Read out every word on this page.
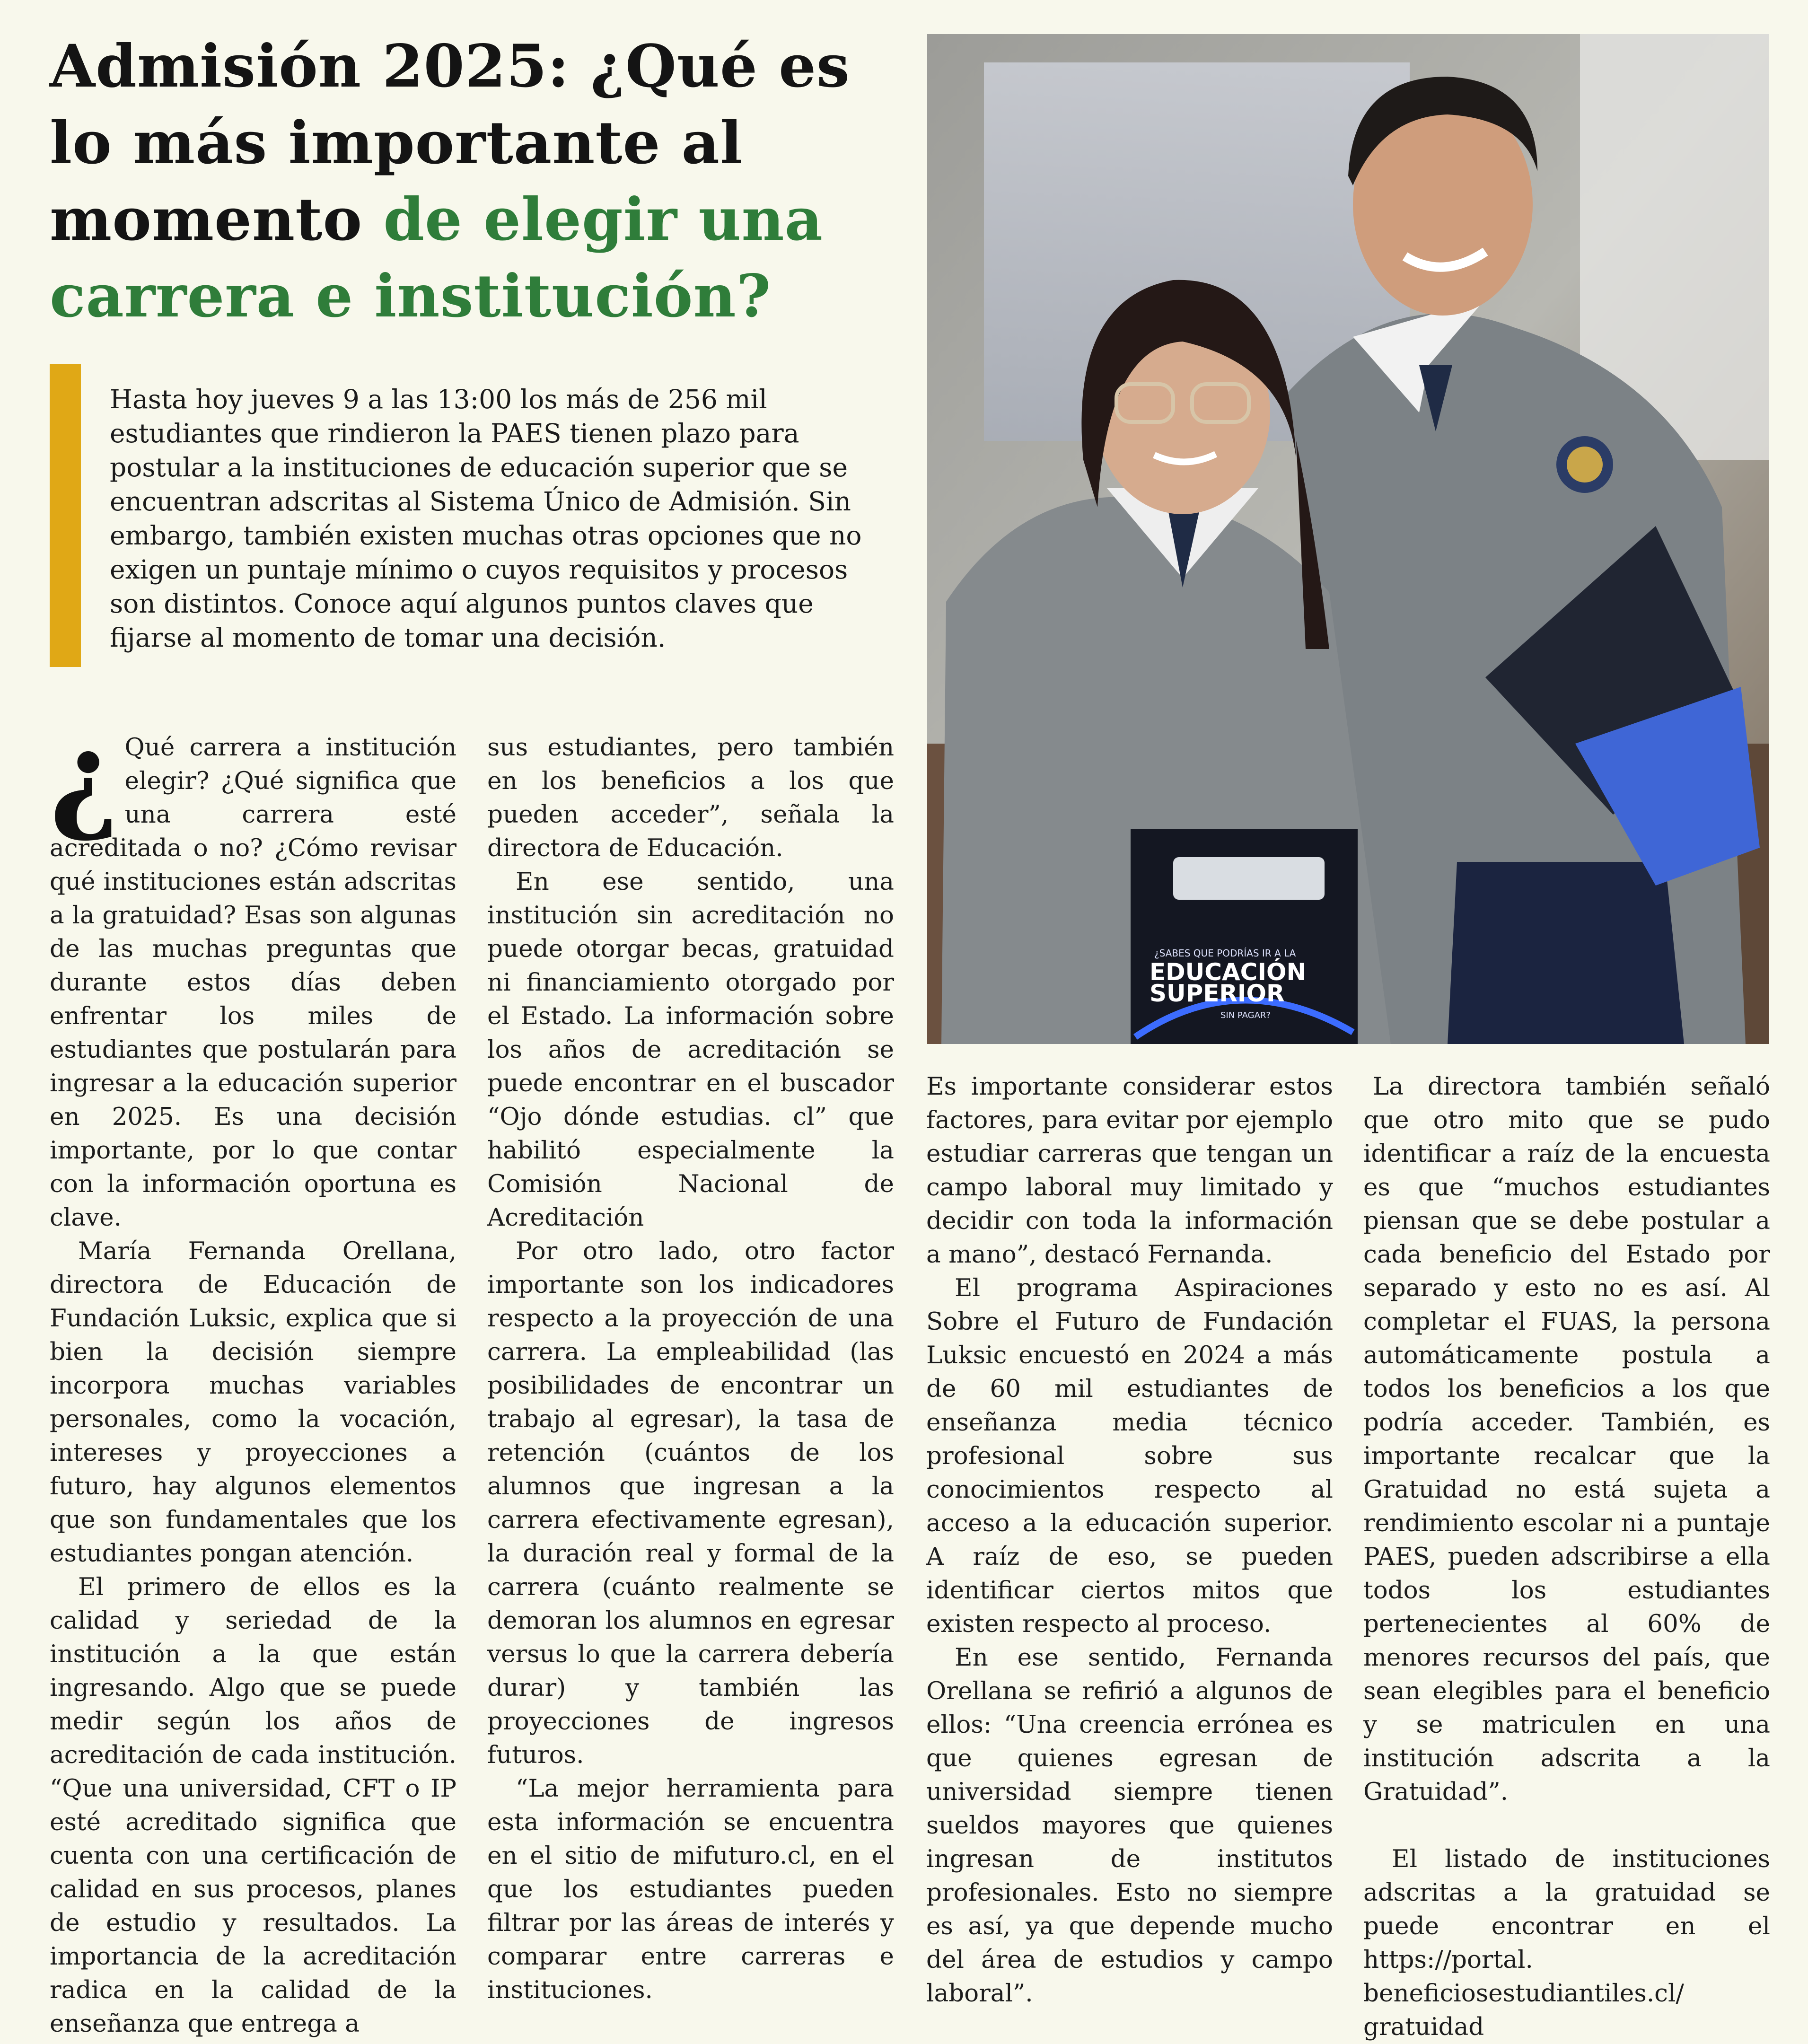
Admisión 2025: ¿Qué es
lo más importante al
momento de elegir una
carrera e institución?

Hasta hoy jueves 9 a las 13:00 los más de 256 mil estudiantes que rindieron la PAES tienen plazo para postular a la instituciones de educación superior que se encuentran adscritas al Sistema Único de Admisión. Sin embargo, también existen muchas otras opciones que no exigen un puntaje mínimo o cuyos requisitos y procesos son distintos. Conoce aquí algunos puntos claves que fijarse al momento de tomar una decisión.

¿SABES QUE PODRÍAS IR A LA
EDUCACIÓN
SUPERIOR
SIN PAGAR?

¿ Qué carrera a institución elegir? ¿Qué significa que una carrera esté acreditada o no? ¿Cómo revisar qué instituciones están adscritas a la gratuidad? Esas son algunas de las muchas preguntas que durante estos días deben enfrentar los miles de estudiantes que postularán para ingresar a la educación superior en 2025. Es una decisión importante, por lo que contar con la información oportuna es clave.

María Fernanda Orellana, directora de Educación de Fundación Luksic, explica que si bien la decisión siempre incorpora muchas variables personales, como la vocación, intereses y proyecciones a futuro, hay algunos elementos que son fundamentales que los estudiantes pongan atención.

El primero de ellos es la calidad y seriedad de la institución a la que están ingresando. Algo que se puede medir según los años de acreditación de cada institución. “Que una universidad, CFT o IP esté acreditado significa que cuenta con una certificación de calidad en sus procesos, planes de estudio y resultados. La importancia de la acreditación radica en la calidad de la enseñanza que entrega a

sus estudiantes, pero también en los beneficios a los que pueden acceder”, señala la directora de Educación.

En ese sentido, una institución sin acreditación no puede otorgar becas, gratuidad ni financiamiento otorgado por el Estado. La información sobre los años de acreditación se puede encontrar en el buscador “Ojo dónde estudias. cl” que habilitó especialmente la Comisión Nacional de Acreditación

Por otro lado, otro factor importante son los indicadores respecto a la proyección de una carrera. La empleabilidad (las posibilidades de encontrar un trabajo al egresar), la tasa de retención (cuántos de los alumnos que ingresan a la carrera efectivamente egresan), la duración real y formal de la carrera (cuánto realmente se demoran los alumnos en egresar versus lo que la carrera debería durar) y también las proyecciones de ingresos futuros.

“La mejor herramienta para esta información se encuentra en el sitio de mifuturo.cl, en el que los estudiantes pueden filtrar por las áreas de interés y comparar entre carreras e instituciones.

Es importante considerar estos factores, para evitar por ejemplo estudiar carreras que tengan un campo laboral muy limitado y decidir con toda la información a mano”, destacó Fernanda.

El programa Aspiraciones Sobre el Futuro de Fundación Luksic encuestó en 2024 a más de 60 mil estudiantes de enseñanza media técnico profesional sobre sus conocimientos respecto al acceso a la educación superior. A raíz de eso, se pueden identificar ciertos mitos que existen respecto al proceso.

En ese sentido, Fernanda Orellana se refirió a algunos de ellos: “Una creencia errónea es que quienes egresan de universidad siempre tienen sueldos mayores que quienes ingresan de institutos profesionales. Esto no siempre es así, ya que depende mucho del área de estudios y campo laboral”.

La directora también señaló que otro mito que se pudo identificar a raíz de la encuesta es que “muchos estudiantes piensan que se debe postular a cada beneficio del Estado por separado y esto no es así. Al completar el FUAS, la persona automáticamente postula a todos los beneficios a los que podría acceder. También, es importante recalcar que la Gratuidad no está sujeta a rendimiento escolar ni a puntaje PAES, pueden adscribirse a ella todos los estudiantes pertenecientes al 60% de menores recursos del país, que sean elegibles para el beneficio y se matriculen en una institución adscrita a la Gratuidad”.

El listado de instituciones adscritas a la gratuidad se puede encontrar en el https://portal. beneficiosestudiantiles.cl/ gratuidad
